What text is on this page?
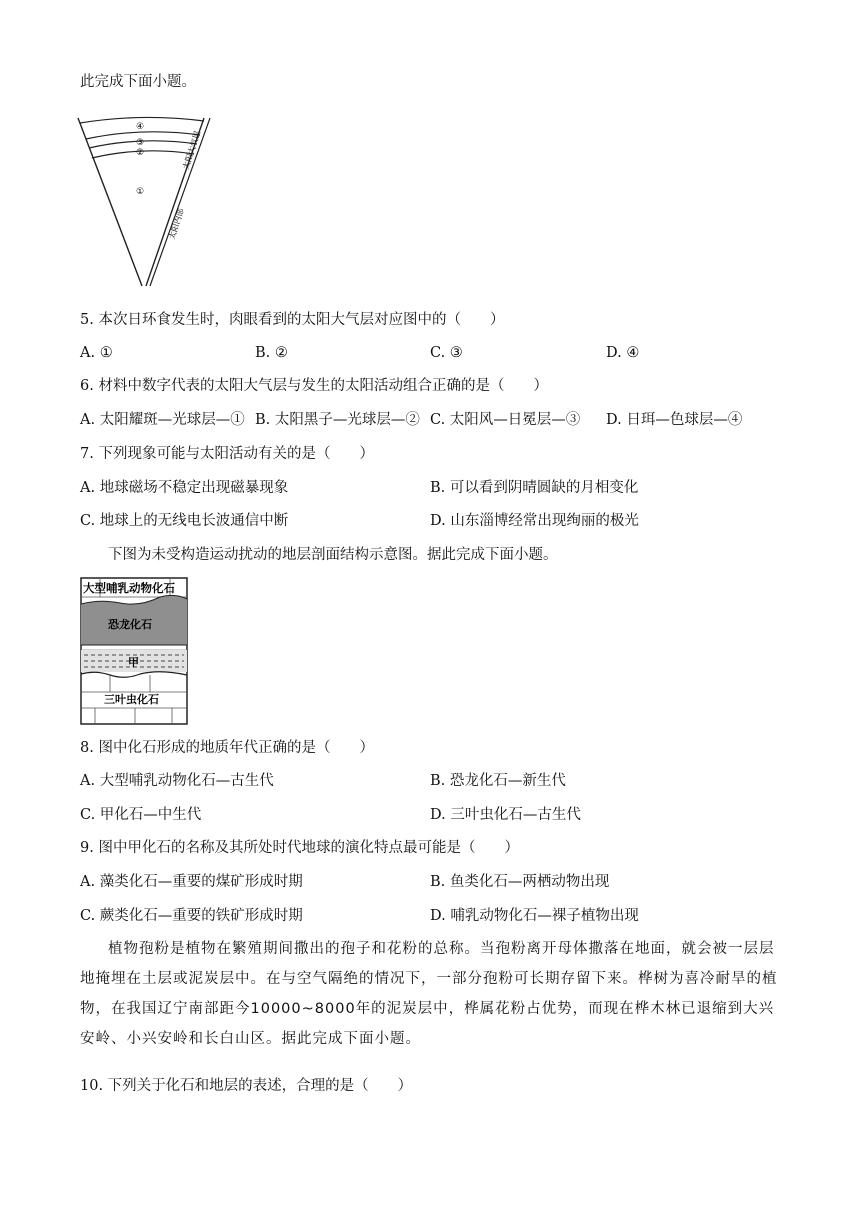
此完成下面小题。
④
③
②
①
太阳大气层
太阳内部
5. 本次日环食发生时，肉眼看到的太阳大气层对应图中的（　　）
A. ①	B. ②	C. ③	D. ④
6. 材料中数字代表的太阳大气层与发生的太阳活动组合正确的是（　　）
A. 太阳耀斑—光球层—① B. 太阳黑子—光球层—② C. 太阳风—日冕层—③ D. 日珥—色球层—④
7. 下列现象可能与太阳活动有关的是（　　）
A. 地球磁场不稳定出现磁暴现象	B. 可以看到阴晴圆缺的月相变化
C. 地球上的无线电长波通信中断	D. 山东淄博经常出现绚丽的极光
下图为未受构造运动扰动的地层剖面结构示意图。据此完成下面小题。
大型哺乳动物化石
恐龙化石
甲
三叶虫化石
8. 图中化石形成的地质年代正确的是（　　）
A. 大型哺乳动物化石—古生代	B. 恐龙化石—新生代
C. 甲化石—中生代	D. 三叶虫化石—古生代
9. 图中甲化石的名称及其所处时代地球的演化特点最可能是（　　）
A. 藻类化石—重要的煤矿形成时期	B. 鱼类化石—两栖动物出现
C. 蕨类化石—重要的铁矿形成时期	D. 哺乳动物化石—裸子植物出现
植物孢粉是植物在繁殖期间撒出的孢子和花粉的总称。当孢粉离开母体撒落在地面，就会被一层层地掩埋在土层或泥炭层中。在与空气隔绝的情况下，一部分孢粉可长期存留下来。桦树为喜冷耐旱的植物，在我国辽宁南部距今10000~8000年的泥炭层中，桦属花粉占优势，而现在桦木林已退缩到大兴安岭、小兴安岭和长白山区。据此完成下面小题。
10. 下列关于化石和地层的表述，合理的是（　　）
